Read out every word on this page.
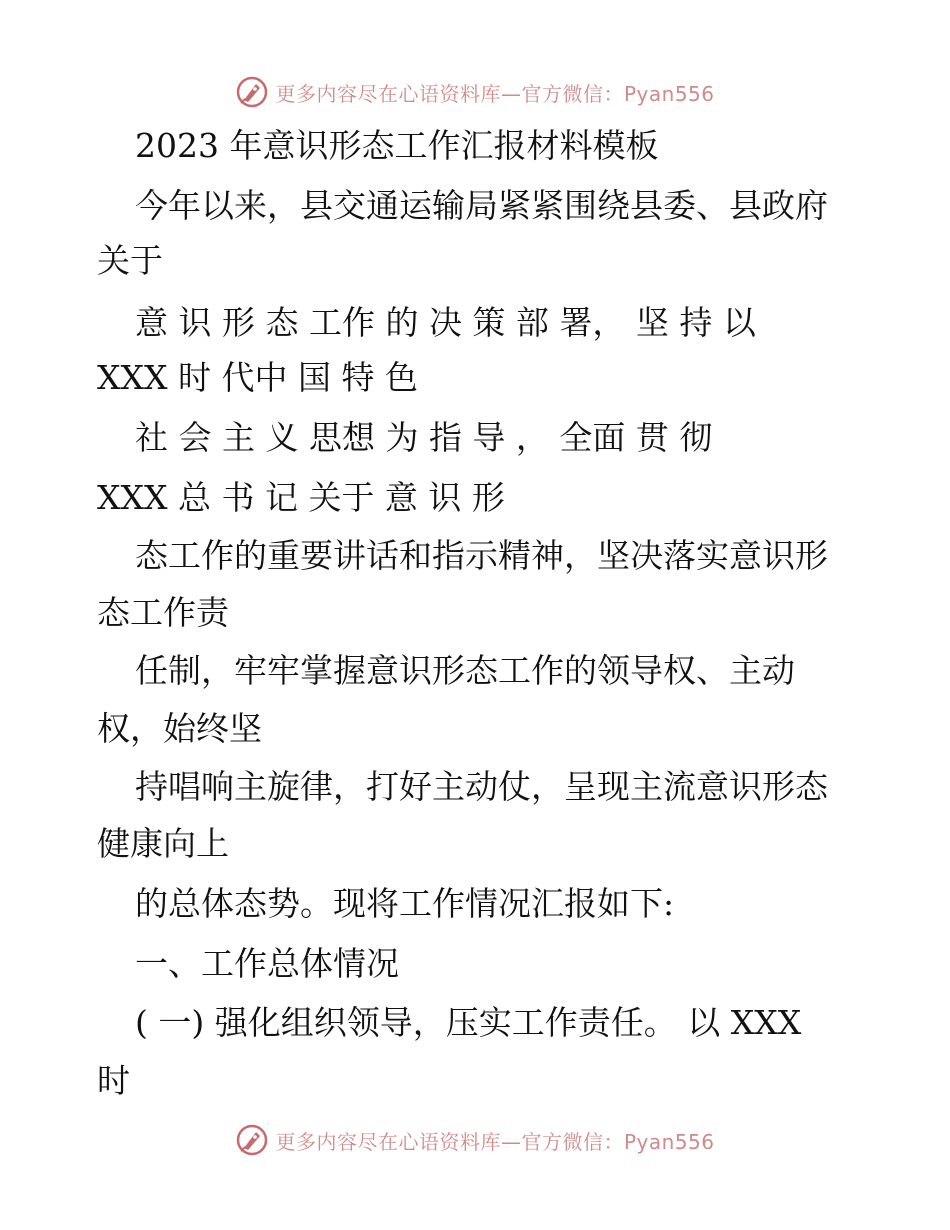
更多内容尽在心语资料库—官方微信：Pyan556
2023 年意识形态工作汇报材料模板
今年以来，县交通运输局紧紧围绕县委、县政府
关于
意 识 形 态 工作 的 决 策 部 署， 坚 持 以
XXX 时 代中 国 特 色
社 会 主 义 思想 为 指 导 ， 全面 贯 彻
XXX 总 书 记 关于 意 识 形
态工作的重要讲话和指示精神，坚决落实意识形
态工作责
任制，牢牢掌握意识形态工作的领导权、主动
权，始终坚
持唱响主旋律，打好主动仗，呈现主流意识形态
健康向上
的总体态势。现将工作情况汇报如下:
一、工作总体情况
( 一) 强化组织领导，压实工作责任。 以 XXX
时
更多内容尽在心语资料库—官方微信：Pyan556
